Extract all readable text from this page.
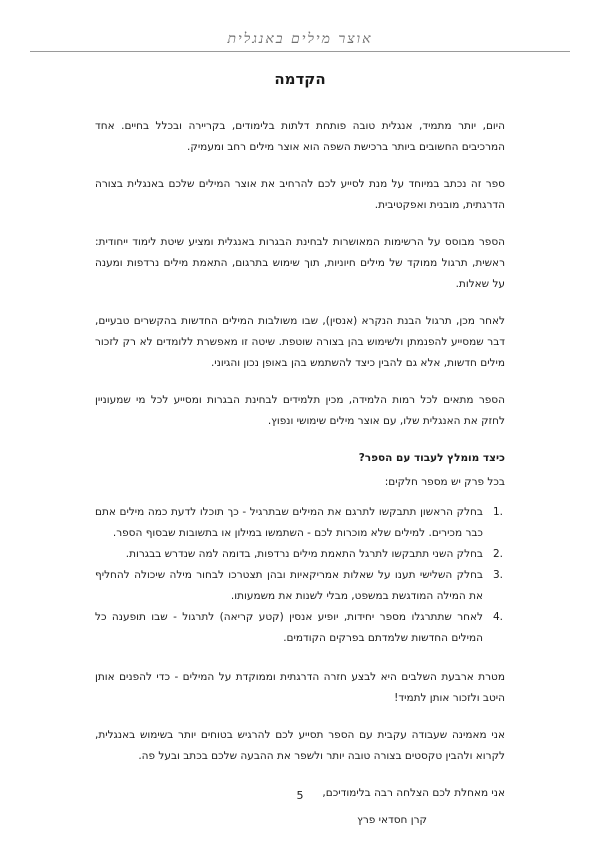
אוצר מילים באנגלית
הקדמה

היום, יותר מתמיד, אנגלית טובה פותחת דלתות בלימודים, בקריירה ובכלל בחיים. אחד המרכיבים החשובים ביותר ברכישת השפה הוא אוצר מילים רחב ומעמיק.

ספר זה נכתב במיוחד על מנת לסייע לכם להרחיב את אוצר המילים שלכם באנגלית בצורה הדרגתית, מובנית ואפקטיבית.

הספר מבוסס על הרשימות המאושרות לבחינת הבגרות באנגלית ומציע שיטת לימוד ייחודית: ראשית, תרגול ממוקד של מילים חיוניות, תוך שימוש בתרגום, התאמת מילים נרדפות ומענה על שאלות.

לאחר מכן, תרגול הבנת הנקרא (אנסין), שבו משולבות המילים החדשות בהקשרים טבעיים, דבר שמסייע להפנמתן ולשימוש בהן בצורה שוטפת. שיטה זו מאפשרת ללומדים לא רק לזכור מילים חדשות, אלא גם להבין כיצד להשתמש בהן באופן נכון והגיוני.

הספר מתאים לכל רמות הלמידה, מכין תלמידים לבחינת הבגרות ומסייע לכל מי שמעוניין לחזק את האנגלית שלו, עם אוצר מילים שימושי ונפוץ.

כיצד מומלץ לעבוד עם הספר?

בכל פרק יש מספר חלקים:

1.
בחלק הראשון תתבקשו לתרגם את המילים שבתרגיל - כך תוכלו לדעת כמה מילים אתם כבר מכירים. למילים שלא מוכרות לכם - השתמשו במילון או בתשובות שבסוף הספר.
2.
בחלק השני תתבקשו לתרגל התאמת מילים נרדפות, בדומה למה שנדרש בבגרות.
3.
בחלק השלישי תענו על שאלות אמריקאיות ובהן תצטרכו לבחור מילה שיכולה להחליף את המילה המודגשת במשפט, מבלי לשנות את משמעותו.
4.
לאחר שתתרגלו מספר יחידות, יופיע אנסין (קטע קריאה) לתרגול - שבו תופענה כל המילים החדשות שלמדתם בפרקים הקודמים.

מטרת ארבעת השלבים היא לבצע חזרה הדרגתית וממוקדת על המילים - כדי להפנים אותן היטב ולזכור אותן לתמיד!

אני מאמינה שעבודה עקבית עם הספר תסייע לכם להרגיש בטוחים יותר בשימוש באנגלית, לקרוא ולהבין טקסטים בצורה טובה יותר ולשפר את ההבעה שלכם בכתב ובעל פה.

אני מאחלת לכם הצלחה רבה בלימודיכם,

קרן חסדאי פרץ
5
